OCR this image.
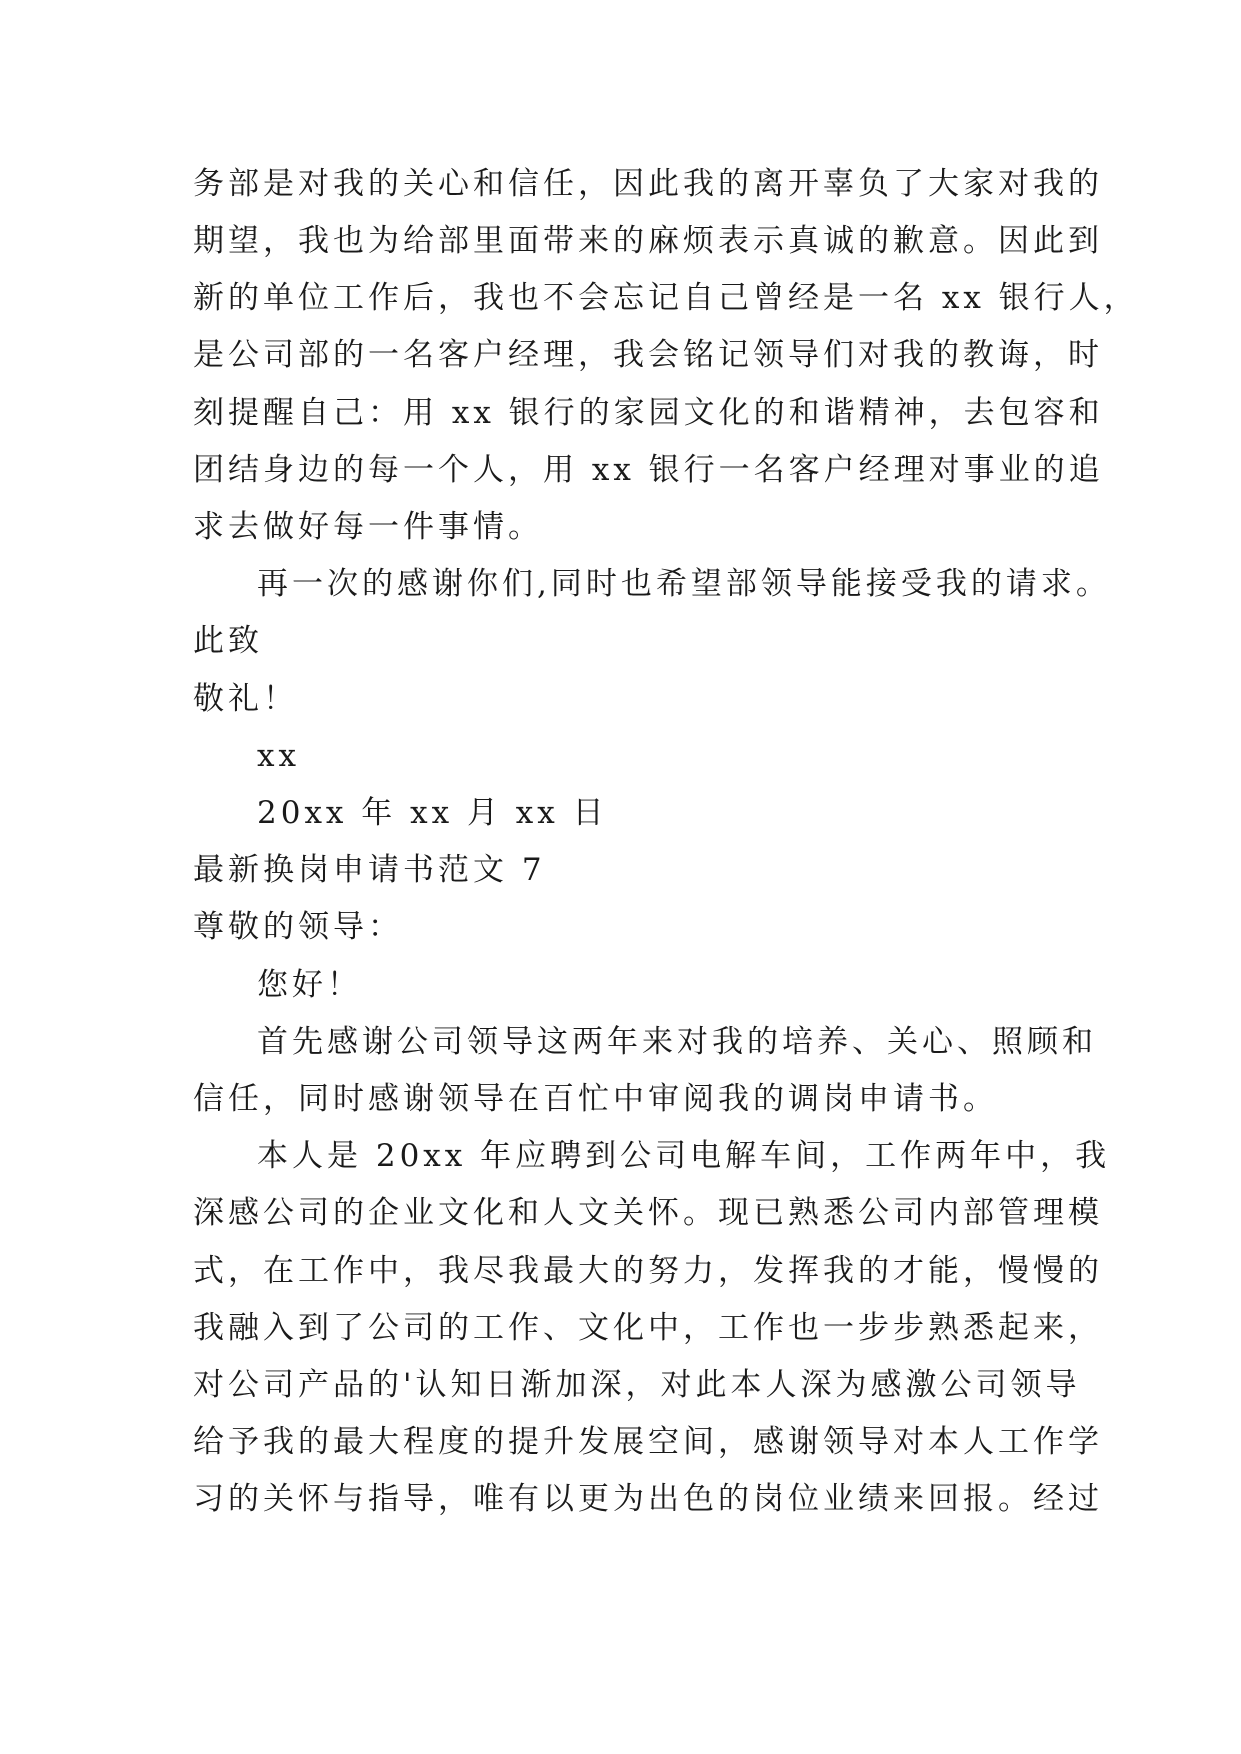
务部是对我的关心和信任，因此我的离开辜负了大家对我的
期望，我也为给部里面带来的麻烦表示真诚的歉意。因此到
新的单位工作后，我也不会忘记自己曾经是一名 xx 银行人，
是公司部的一名客户经理，我会铭记领导们对我的教诲，时
刻提醒自己：用 xx 银行的家园文化的和谐精神，去包容和
团结身边的每一个人，用 xx 银行一名客户经理对事业的追
求去做好每一件事情。
再一次的感谢你们,同时也希望部领导能接受我的请求。
此致
敬礼！
xx
20xx 年 xx 月 xx 日
最新换岗申请书范文 7
尊敬的领导：
您好！
首先感谢公司领导这两年来对我的培养、关心、照顾和
信任，同时感谢领导在百忙中审阅我的调岗申请书。
本人是 20xx 年应聘到公司电解车间，工作两年中，我
深感公司的企业文化和人文关怀。现已熟悉公司内部管理模
式，在工作中，我尽我最大的努力，发挥我的才能，慢慢的
我融入到了公司的工作、文化中，工作也一步步熟悉起来，
对公司产品的'认知日渐加深，对此本人深为感激公司领导
给予我的最大程度的提升发展空间，感谢领导对本人工作学
习的关怀与指导，唯有以更为出色的岗位业绩来回报。经过
